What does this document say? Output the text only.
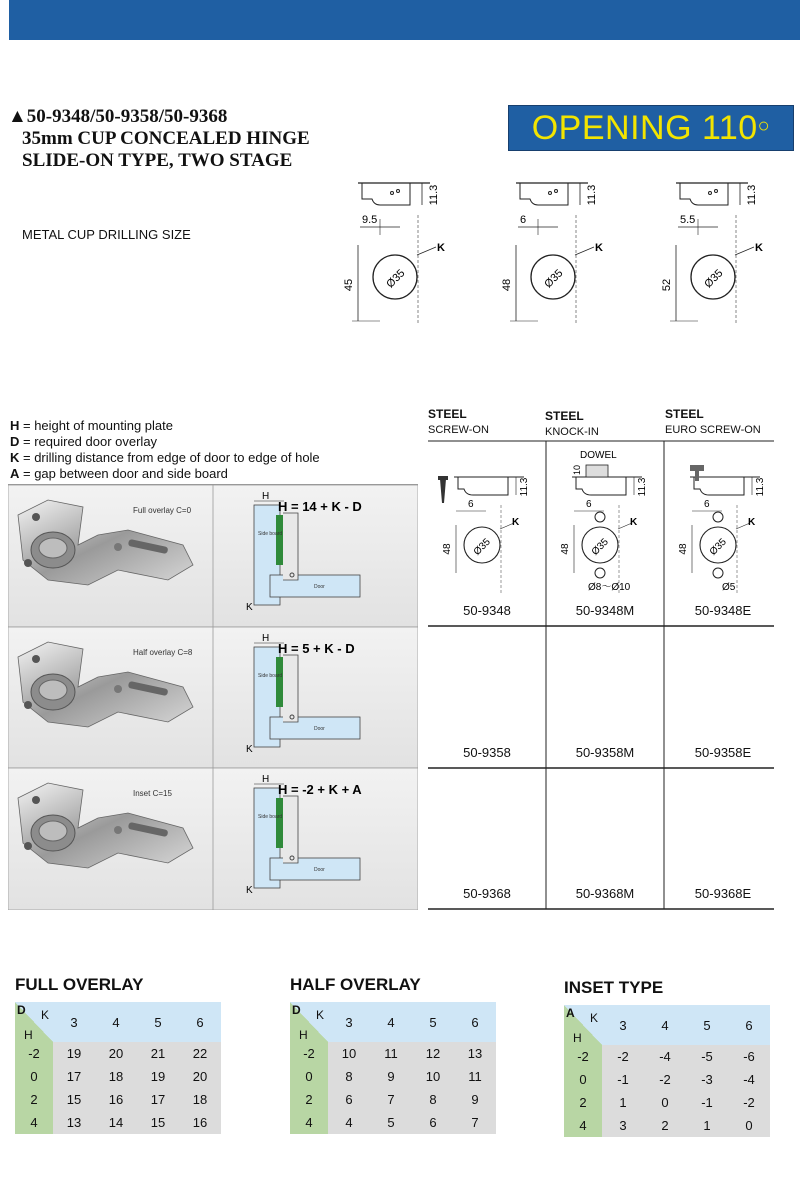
▲50-9348/50-9358/50-9368
35mm CUP CONCEALED HINGE
SLIDE-ON TYPE, TWO STAGE
OPENING 110○
METAL CUP DRILLING SIZE
11.3
9.5
Ø35
K
45
11.3
6
Ø35
K
48
11.3
5.5
Ø35
K
52
H = height of mounting plate
D = required door overlay
K = drilling distance from edge of door to edge of hole
A = gap between door and side board
Full overlay C=0
H
Side board
Door
K
H = 14 + K - D
Half overlay C=8
H
Side board
Door
K
H = 5 + K - D
Inset C=15
H
Side board
Door
K
H = -2 + K + A
STEEL
SCREW-ON
STEEL
KNOCK-IN
STEEL
EURO SCREW-ON
11.3
6
Ø35
K
48
DOWEL
10
11.3
6
Ø35
K
48
Ø8～Ø10
11.3
6
Ø35
K
48
Ø5
50-9348	50-9348M	50-9348E
50-9358	50-9358M	50-9358E
50-9368	50-9368M	50-9368E
FULL OVERLAY
D K
H	3	4	5	6
-2	19	20	21	22
0	17	18	19	20
2	15	16	17	18
4	13	14	15	16
HALF OVERLAY
D K
H	3	4	5	6
-2	10	11	12	13
0	8	9	10	11
2	6	7	8	9
4	4	5	6	7
INSET TYPE
A K
H	3	4	5	6
-2	-2	-4	-5	-6
0	-1	-2	-3	-4
2	1	0	-1	-2
4	3	2	1	0
